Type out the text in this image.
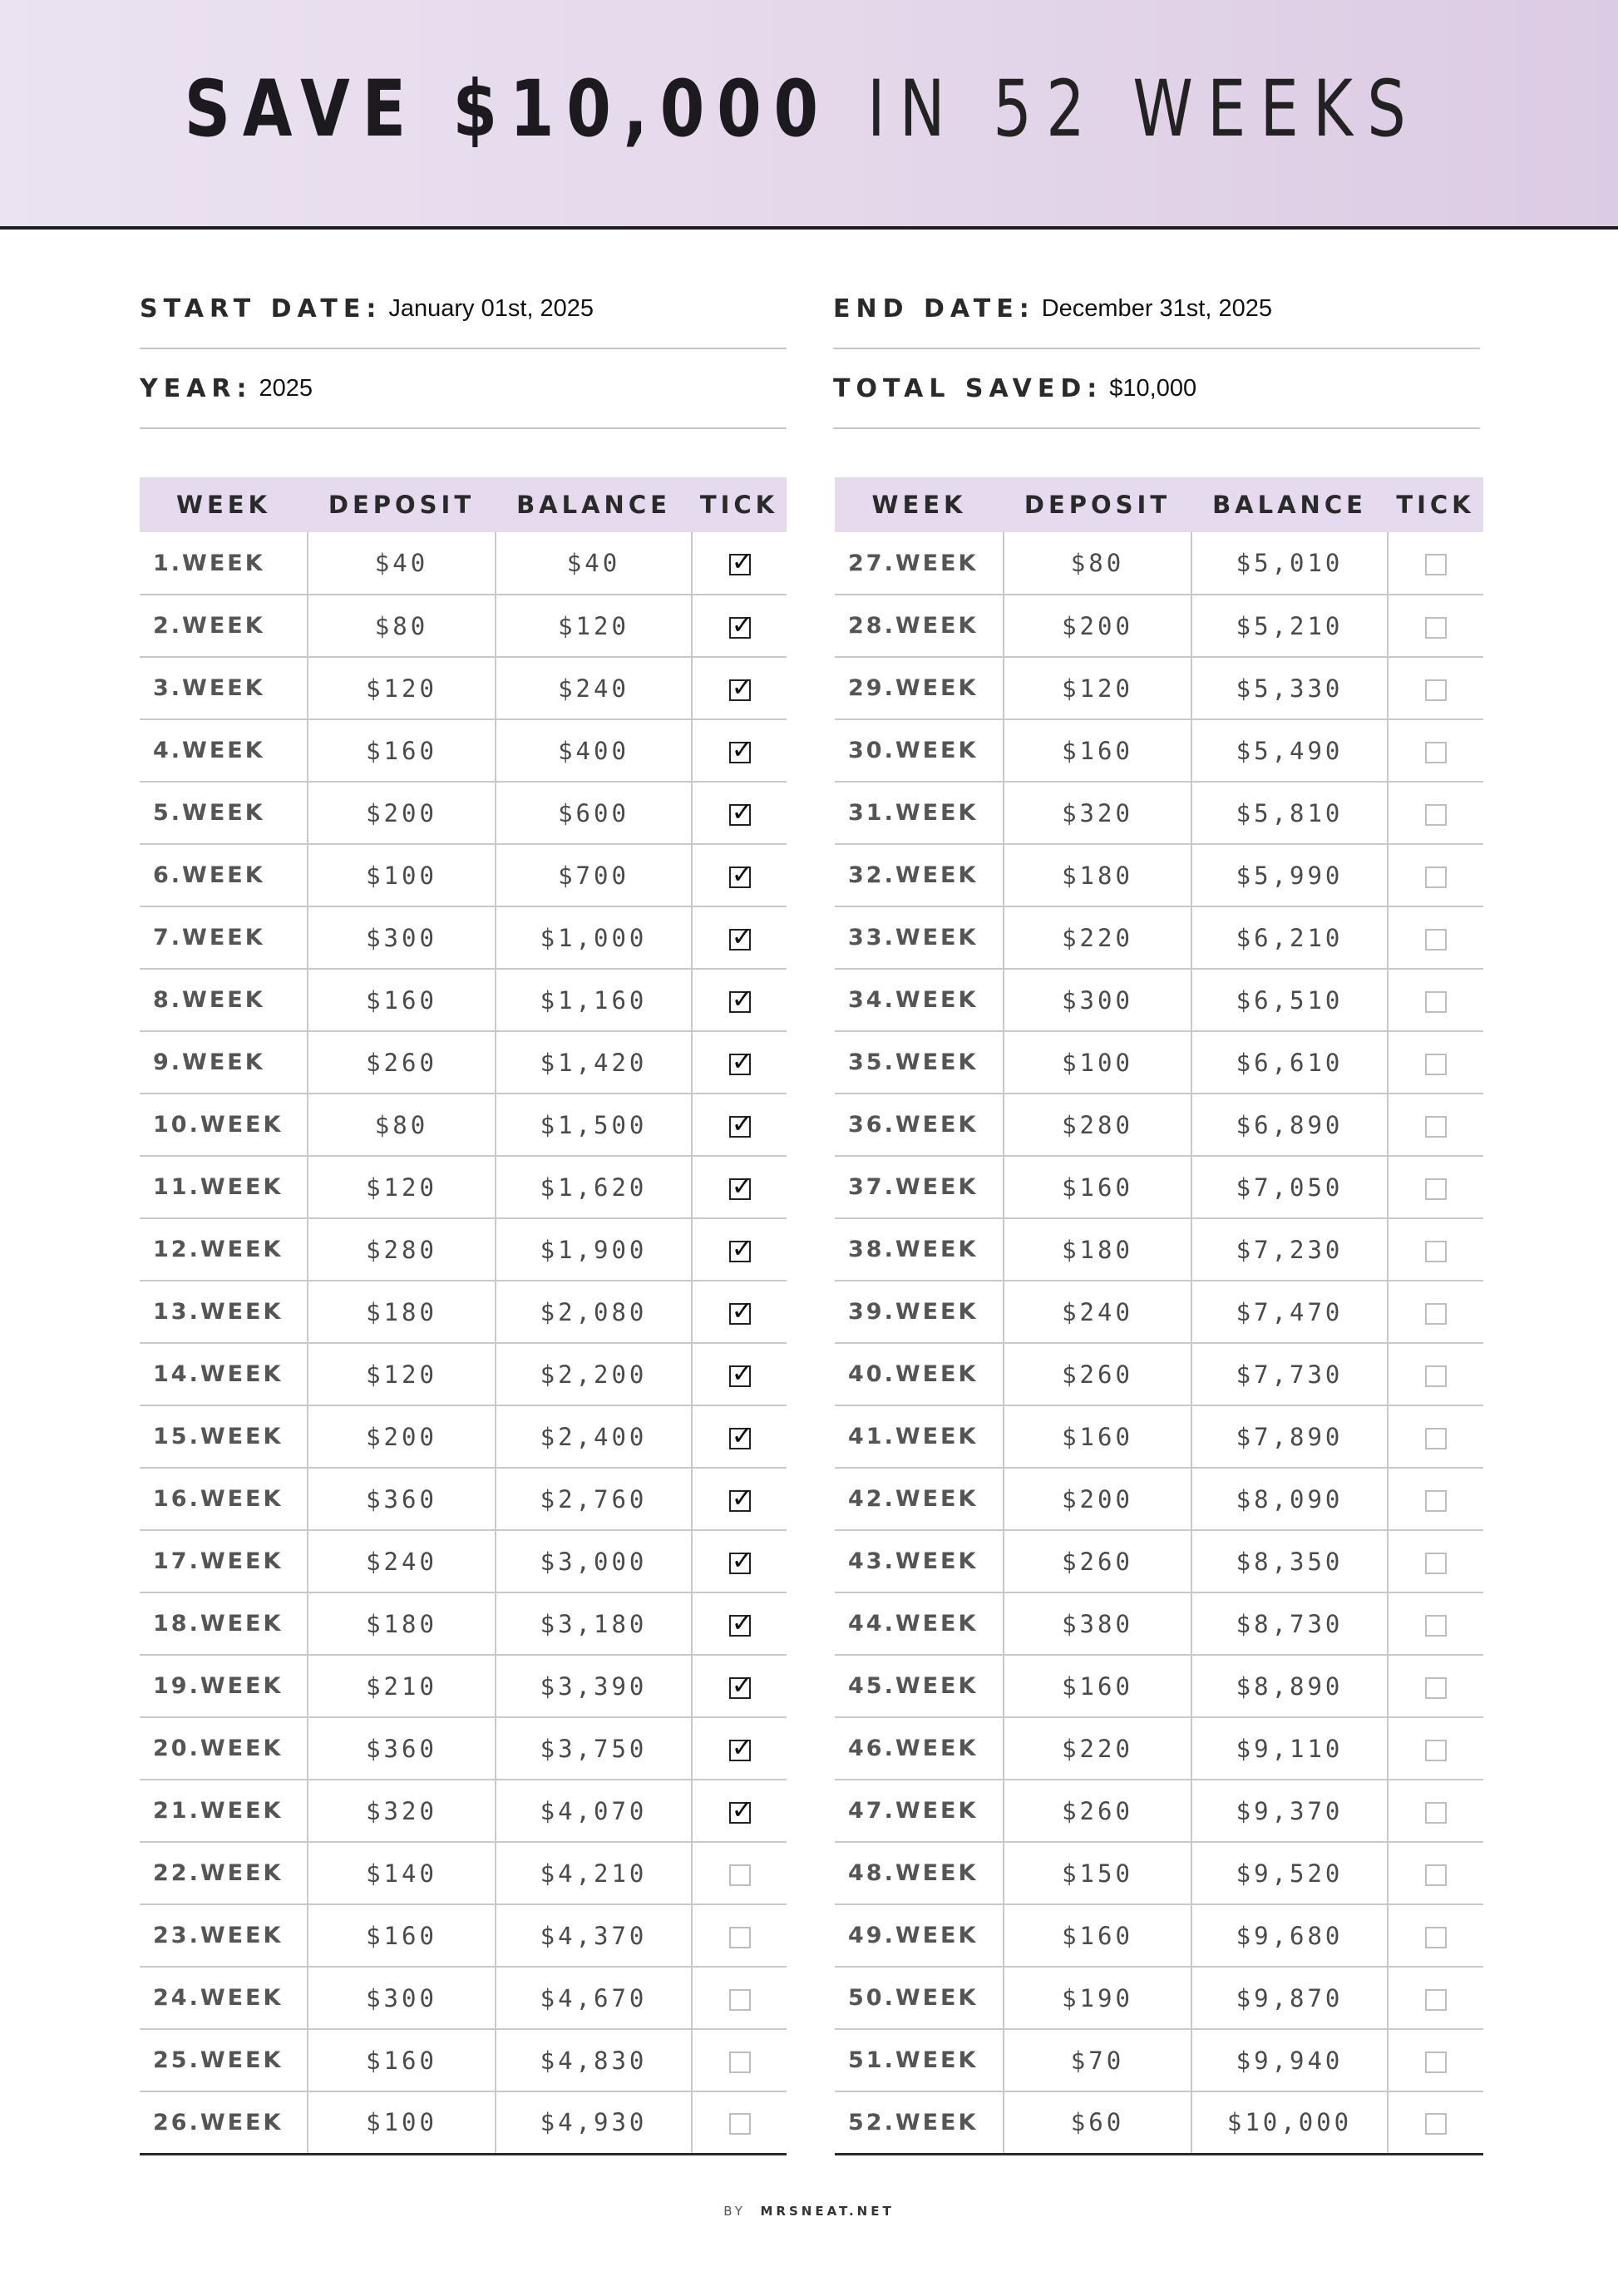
SAVE $10,000 IN 52 WEEKS
START DATE: January 01st, 2025	END DATE: December 31st, 2025
YEAR: 2025	TOTAL SAVED: $10,000
WEEK	DEPOSIT	BALANCE	TICK
1.WEEK	$40	$40	✓
2.WEEK	$80	$120	✓
3.WEEK	$120	$240	✓
4.WEEK	$160	$400	✓
5.WEEK	$200	$600	✓
6.WEEK	$100	$700	✓
7.WEEK	$300	$1,000	✓
8.WEEK	$160	$1,160	✓
9.WEEK	$260	$1,420	✓
10.WEEK	$80	$1,500	✓
11.WEEK	$120	$1,620	✓
12.WEEK	$280	$1,900	✓
13.WEEK	$180	$2,080	✓
14.WEEK	$120	$2,200	✓
15.WEEK	$200	$2,400	✓
16.WEEK	$360	$2,760	✓
17.WEEK	$240	$3,000	✓
18.WEEK	$180	$3,180	✓
19.WEEK	$210	$3,390	✓
20.WEEK	$360	$3,750	✓
21.WEEK	$320	$4,070	✓
22.WEEK	$140	$4,210	
23.WEEK	$160	$4,370	
24.WEEK	$300	$4,670	
25.WEEK	$160	$4,830	
26.WEEK	$100	$4,930	
WEEK	DEPOSIT	BALANCE	TICK
27.WEEK	$80	$5,010	
28.WEEK	$200	$5,210	
29.WEEK	$120	$5,330	
30.WEEK	$160	$5,490	
31.WEEK	$320	$5,810	
32.WEEK	$180	$5,990	
33.WEEK	$220	$6,210	
34.WEEK	$300	$6,510	
35.WEEK	$100	$6,610	
36.WEEK	$280	$6,890	
37.WEEK	$160	$7,050	
38.WEEK	$180	$7,230	
39.WEEK	$240	$7,470	
40.WEEK	$260	$7,730	
41.WEEK	$160	$7,890	
42.WEEK	$200	$8,090	
43.WEEK	$260	$8,350	
44.WEEK	$380	$8,730	
45.WEEK	$160	$8,890	
46.WEEK	$220	$9,110	
47.WEEK	$260	$9,370	
48.WEEK	$150	$9,520	
49.WEEK	$160	$9,680	
50.WEEK	$190	$9,870	
51.WEEK	$70	$9,940	
52.WEEK	$60	$10,000	
BY MRSNEAT.NET
